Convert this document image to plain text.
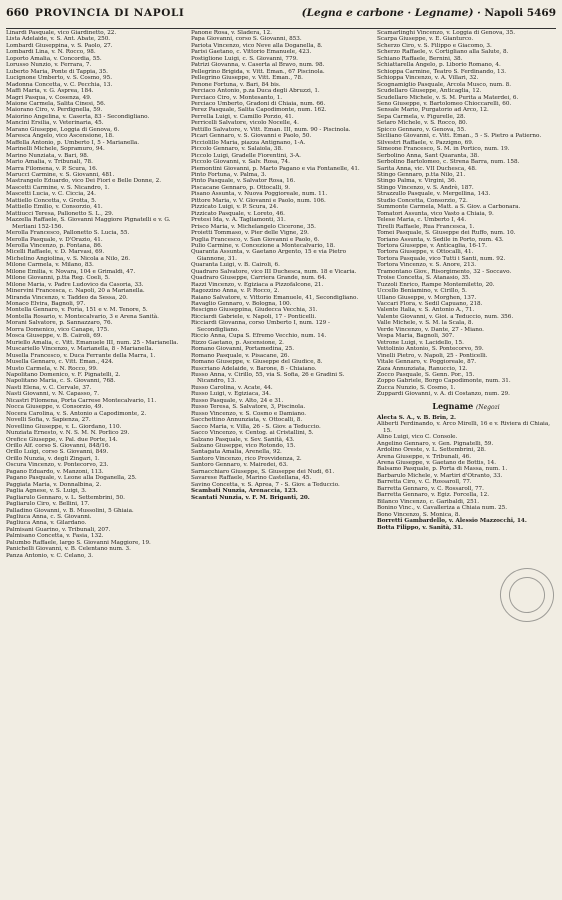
660 PROVINCIA DI NAPOLI	(Legna e carbone · Legname) · Napoli 5469
Linardi Pasquale, vico Giardinetto, 22.
Lista Adelaide, v. S. Ant. Abate, 250.
Lombardi Giuseppina, v. S. Paolo, 27.
Lombardi Lina, v. N. Rocco, 98.
Loporto Amalia, v. Concordia, 55.
Lorusso Nunzio, v. Ferrara, 7.
Luberto Maria, Ponte di Tappia, 35.
Lucignone Umberto, v. S. Cosmo, 95.
Madonna Concetta, v. C. Pecchia, 13.
Maffi Maria, v. G. Asprea, 184.
Magri Pasqua, v. Cosenza, 49.
Maione Carmela, Salita Cinesi, 56.
Maiorano Ciro, v. Perdignella, 59.
Maiorino Angelina, v. Caserta, 83 - Secondigliano.
Mancini Ersilia, v. Veterinaria, 45.
Marano Giuseppe, Loggia di Genova, 6.
Maresca Angelo, vico Ascensione, 18.
Maffella Antonio, p. Umberto I, 5 - Marianella.
Marinelli Michele, Sopramuro, 94.
Marino Nunziata, v. Bari, 98.
Mario Amalia, v. Tribunali, 78.
Marra Filomena, v. P. Scura, 16.
Marucci Carmine, v. S. Giovanni, 481.
Mastrangelo Eduardo, vico Dei Fiori e Belle Donne, 2.
Mascetti Carmine, v. S. Nicandro, 1.
Mascetti Lucia, v. C. Ciccia, 24.
Mattiello Concetta, v. Grotta, 5.
Mattiello Emilio, v. Consorzio, 41.
Mattiucci Teresa, Pallonetto S. L., 29.
Mazzella Raffaele, S. Giovanni Maggiore Pignatelli e v. G. Merliani 152-156.
Merolla Francesco, Pallonetto S. Lucia, 55.
Merolla Pasquale, v. D'Orazio, 41.
Merolla Vincenzo, p. Fontana, 86.
Micelli Raffaele, v. D. Marvasi, 69.
Michelino Angiolina, v. S. Nicola a Nilo, 26.
Milone Carmela, v. Milano, 83.
Milone Emilia, v. Novara, 104 e Grimaldi, 47.
Milone Giovanni, p.tta Reg. Coeli, 5.
Milone Maria, v. Padre Ludovico da Casoria, 33.
Minervini Francesca, c. Napoli, 20 a Marianella.
Miranda Vincenzo, v. Taddeo da Sessa, 20.
Monaco Elvira, Bagnoli, 97.
Montella Gennaro, v. Forìa, 151 e v. M. Tenore, 5.
Montella Rosario, v. Montecalvario, 3 e Arena Sanità.
Morani Salvatore, p. Sannazzaro, 76.
Morra Domenico, vico Canape, 175.
Mosca Giuseppe, v. B. Cairoli, 69.
Muriello Amalia, c. Vitt. Emanuele III, num. 25 - Marianella.
Muscariello Vincenzo, v. Marianella, 8 - Marianella.
Musella Francesco, v. Duca Ferrante della Marra, 1.
Musella Gennaro, c. Vitt. Eman., 424.
Musto Carmela, v. N. Rocco, 99.
Napolitano Domenico, v. F. Pignatelli, 2.
Napolitano Maria, c. S. Giovanni, 768.
Nasti Elena, v. C. Cervale, 37.
Nasti Giovanni, v. N. Capasso, 7.
Nicastri Filomena, Porta Carrese Montecalvario, 11.
Nocca Giuseppe, v. Consorzio, 49.
Nocera Carolina, v. S. Antonio a Capodimonte, 2.
Novelli Sofia, v. Sapienza, 27.
Novellino Giuseppe, v. L. Giordano, 110.
Nunziata Ernesto, v. N. S. M. N. Porlico 29.
Orefice Giuseppe, v. Pal. due Porte, 14.
Orillo Alf. corso S. Giovanni, 848/16.
Orillo Luigi, corso S. Giovanni, 849.
Orillo Nunzia, v. degli Zingari, 1.
Oscura Vincenzo, v. Pontecorvo, 23.
Pagano Eduardo, v. Manzoni, 113.
Pagano Pasquale, v. Leone alla Doganella, 25.
Paggiata Maria, v. Donnalbina, 2.
Paglia Agnese, v. S. Luigi, 3.
Pagliarulo Gennaro, v. L. Settembrini, 50.
Pagliarulo Ciro, v. Bellini, 17.
Palladino Giovanni, v. B. Mussolini, 5 Ghiaia.
Pagliuca Anna, c. S. Giovanni.
Pagliuca Anna, v. Gilardano.
Palmisani Guarino, v. Tribunali, 207.
Palmisano Concetta, v. Fasia, 132.
Palumbo Raffaele, largo S. Giovanni Maggiore, 19.
Panichelli Giovanni, v. B. Celentano num. 3.
Panza Antonio, v. C. Celano, 3.
Panone Rosa, v. Sladera, 12.
Papa Giovanni, corso S. Giovanni, 853.
Pariota Vincenzo, vico Neve alla Doganella, 8.
Parisi Gaetano, c. Vittorio Emanuele, 423.
Postiglione Luigi, c. S. Giovanni, 779.
Patrizi Giovanna, v. Caserta al Bravo, num. 98.
Pellegrino Brigida, v. Vitt. Eman., 67 Piscinola.
Pellegrino Giuseppe, v. Vitt. Eman., 78.
Penone Fortuna, v. Bari, 84 bis.
Perciaco Antonio, p.za Duca degli Abruzzi, 1.
Perciaco Ciro, v. Montesanto, 1.
Perciaco Umberto, Gradoni di Chiaia, num. 66.
Perez Pasquale, Salita Capodimonte, num. 162.
Perrella Luigi, v. Camillo Porzio, 41.
Perricelli Salvatore, vicolo Nocelle, 4.
Pettillo Salvatore, v. Vitt. Eman. III, num. 90 - Piscinola.
Picari Gennaro, v. S. Giovanni e Paolo, 50.
Picciolillo Maria, piazza Antignano, 1-A.
Piccolo Gennaro, v. Salaiola, 38.
Piccolo Luigi, Gradelle Fiorentini, 3-A.
Piccolo Giovanni, v. Salv. Rosa, 74.
Piemontini Giovanni, p. Marto Pagano e via Fontanelle, 41.
Pinto Fortuna, v. Palma, 3.
Pinto Pasquale, v. Salvator Rosa, 16.
Piscacane Gennaro, p. Ottocalli, 9.
Pisano Assunta, v. Nuova Poggioreale, num. 11.
Pittore Maria, v. V. Giovanni e Paolo, num. 106.
Pizzicato Luigi, v. P. Scura, 24.
Pizzicato Pasquale, v. Loreto, 46.
Pretesi Ida, v. A. Tagliamonti, 31.
Prisco Maria, v. Michelangelo Cicerone, 35.
Proietti Tommaso, v. Pier delle Vigne, 29.
Puglia Francesco, v. San Giovanni e Paolo, 6.
Pulio Carmine, v. Concezione a Montecalvario, 18.
Quaranta Assunta, v. Gaetano Argento, 15 e via Pietro Giannone, 31.
Quaranta Luigi, v. B. Cairoli, 6.
Quadraro Salvatore, vico III Duchesca, num. 18 e Vicaria.
Quadraro Giuseppe, Carriera Grande, num. 64.
Razzi Vincenzo, v. Egiziaca a Pizzofalcone, 21.
Ragozzino Anna, v. P. Rocco, 2.
Raiano Salvatore, v. Vittorio Emanuele, 41, Secondigliano.
Ravaglio Gennaro, v. Bologna, 100.
Rescigno Giuseppina, Giudecca Vecchia, 31.
Ricciardi Gabriele, v. Napoli, 17 - Ponticelli.
Ricciardi Giovanna, corso Umberto I, num. 129 - Secondigliano.
Riccio Anna, Cupa S. Efremo Vecchio, num. 14.
Rizzo Gaetano, p. Ascensione, 2.
Romano Giovanni, Portamedina, 25.
Romano Pasquale, v. Pisacane, 26.
Romano Giuseppe, v. Giuseppe del Giudice, 8.
Ruscriano Adelaide, v. Barone, 8 - Chiaiano.
Russo Anna, v. Cirillo, 55, via S. Sofia, 26 e Gradini S. Nicandro, 13.
Russo Carolina, v. Acate, 44.
Russo Luigi, v. Egiziaca, 34.
Russo Pasquale, v. Alto, 24 e 31.
Russo Teresa, S. Salvatore, 3, Piscinola.
Russo Vincenzo, v. S. Cosmo e Damiano.
Sacchettino Annunziata, v. Ottocalli, 8.
Sacco Maria, v. Villa, 26 - S. Giov. a Teduccio.
Sacco Vincenzo, v. Centog. ai Cristallini, 5.
Salzano Pasquale, v. Sev. Sanità, 43.
Salzano Giuseppe, vico Rotondo, 15.
Santagata Amalia, Arenella, 92.
Santoro Vincenzo, rico Provvidenza, 2.
Santoro Gennaro, v. Mairedei, 63.
Sarnacchiaro Giuseppe, S. Giuseppe dei Nudi, 61.
Savarese Raffaele, Marino Castellana, 45.
Savino Concetta, v. S. Aprea, 7 - S. Giov. a Teduccio.
Scambati Nunzia, Arenaccia, 123.
Scantati Nunzia, v. F. M. Briganti, 20.
Scamarlinghi Vincenzo, v. Loggia di Genova, 35.
Scarpa Giuseppe, v. E. Gianturco.
Scherzo Ciro, v. S. Filippo e Giacomo, 3.
Scherzo Raffaele, v. Cortigliano alla Salute, 8.
Schiano Raffaele, Bernini, 38.
Schiattarella Angelo, p. Liborio Romano, 4.
Schioppa Carmine, Teatro S. Ferdinando, 13.
Schioppa Vincenzo, v. A. Villari, 32.
Scognamiglio Pasquale, Arcola Musco, num. 8.
Scudellaro Giuseppe, Anticaglia, 12.
Scudellaro Michele, v. S. M. Purita a Materdei, 6.
Seno Giuseppe, v. Bartolomeo Chioccarelli, 60.
Sensale Mario, Purgatorio ad Arco, 12.
Sepa Carmela, v. Figurelle, 28.
Setaro Michele, v. S. Rocco, 80.
Spicco Gennaro, v. Genova, 55.
Siciliano Giovanni, c. Vitt. Eman., 5 - S. Pietro a Patierno.
Silvestri Raffaele, v. Pazzigno, 69.
Simeone Francesco, S. M. in Portico, num. 19.
Serbolino Anna, Sant Quaranta, 38.
Serbolino Bartolomeo, c. Strena Barra, num. 158.
Sarita Anna, vic. VII Duchesca, 48.
Stingo Gennaro, p.tta Nilo, 21.
Stingo Palma, v. Virgini, 36.
Stingo Vincenzo, v. S. Andrè, 187.
Strazzullo Pasquale, v. Mergellina, 143.
Studio Concetta, Consorzio, 72.
Summonte Carmela, Matt. a S. Giov. a Carbonara.
Tomatori Assunta, vico Vasto a Chiaia, 9.
Telese Maria, c. Umberto I, 44.
Tirelli Raffaele, Rua Francesca, 1.
Tomei Pasquale, S. Giuseppe dei Ruffo, num. 10.
Toriano Assunta, v. Sedile in Porto, num. 43.
Tortora Giuseppe, v. Anticaglia, 16-17.
Tortora Giuseppe, v. Ottocalli, 41.
Tortora Pasquale, vico Tutti i Santi, num. 92.
Tortora Vincenzo, v. S. Anore, 213.
Tramontano Giov., Risorgimento, 32 - Soccavo.
Troise Concetta, S. Atanasio, 35.
Tuzzoli Enrico, Rampe Montemiletto, 20.
Uccello Beniamino, v. Cirillo, 5.
Ullano Giuseppe, v. Morghen, 137.
Vaccari Flora, v. Sedil Capuano, 218.
Valente Italia, v. S. Antonio A., 71.
Valente Giovanni, v. Gioi. a Teduccio, num. 356.
Valle Michele, v. S. M. la Scala, 8.
Verde Vincenzo, v. Dante, 27 - Miano.
Vespa Maria, Bagnoli, 307.
Vetrone Luigi, v. Lacidello, 15.
Vettolinio Antonio, S. Pontecorvo, 59.
Vinelli Pietro, v. Napoli, 25 - Ponticelli.
Vitale Gennaro, v. Poggioreale, 87.
Zaza Annunziata, Ranuccio, 12.
Zocco Pasquale, S. Genn. Por., 15.
Zoppo Gabriele, Borgo Capodimonte, num. 31.
Zucca Nunzio, S. Cosmo, 1.
Zuppardi Giovanni, v. A. di Costanzo, num. 29.
Legname (Negozi
Alecta S. A., v. B. Brin, 2.
Aliberti Ferdinando, v. Arco Mirelli, 16 e v. Riviera di Chiaia, 15.
Alino Luigi, vico C. Console.
Angelino Gennaro, v. Gen. Pignatelli, 59.
Ardolino Oreste, v. L. Settembrini, 28.
Arena Giuseppe, v. Tribunali, 46.
Arena Giuseppe, v. Gaetano de Bottis, 14.
Balsamo Pasquale, p. Porta di Massa, num. 1.
Barbarulo Michele, v. Martiri d'Otranto, 33.
Barretta Ciro, v. C. Rossaroll, 77.
Barretta Gennaro, v. C. Rossaroll, 77.
Barretta Gennaro, v. Egiz. Forcella, 12.
Bilanco Vincenzo, c. Garibaldi, 251.
Bonino Vinc., v. Cavalleriza a Chiaia num. 25.
Bono Vincenzo, S. Monica, 8.
Borretti Gambardello, v. Alessio Mazzocchi, 14.
Botta Filippo, v. Sanità, 31.
